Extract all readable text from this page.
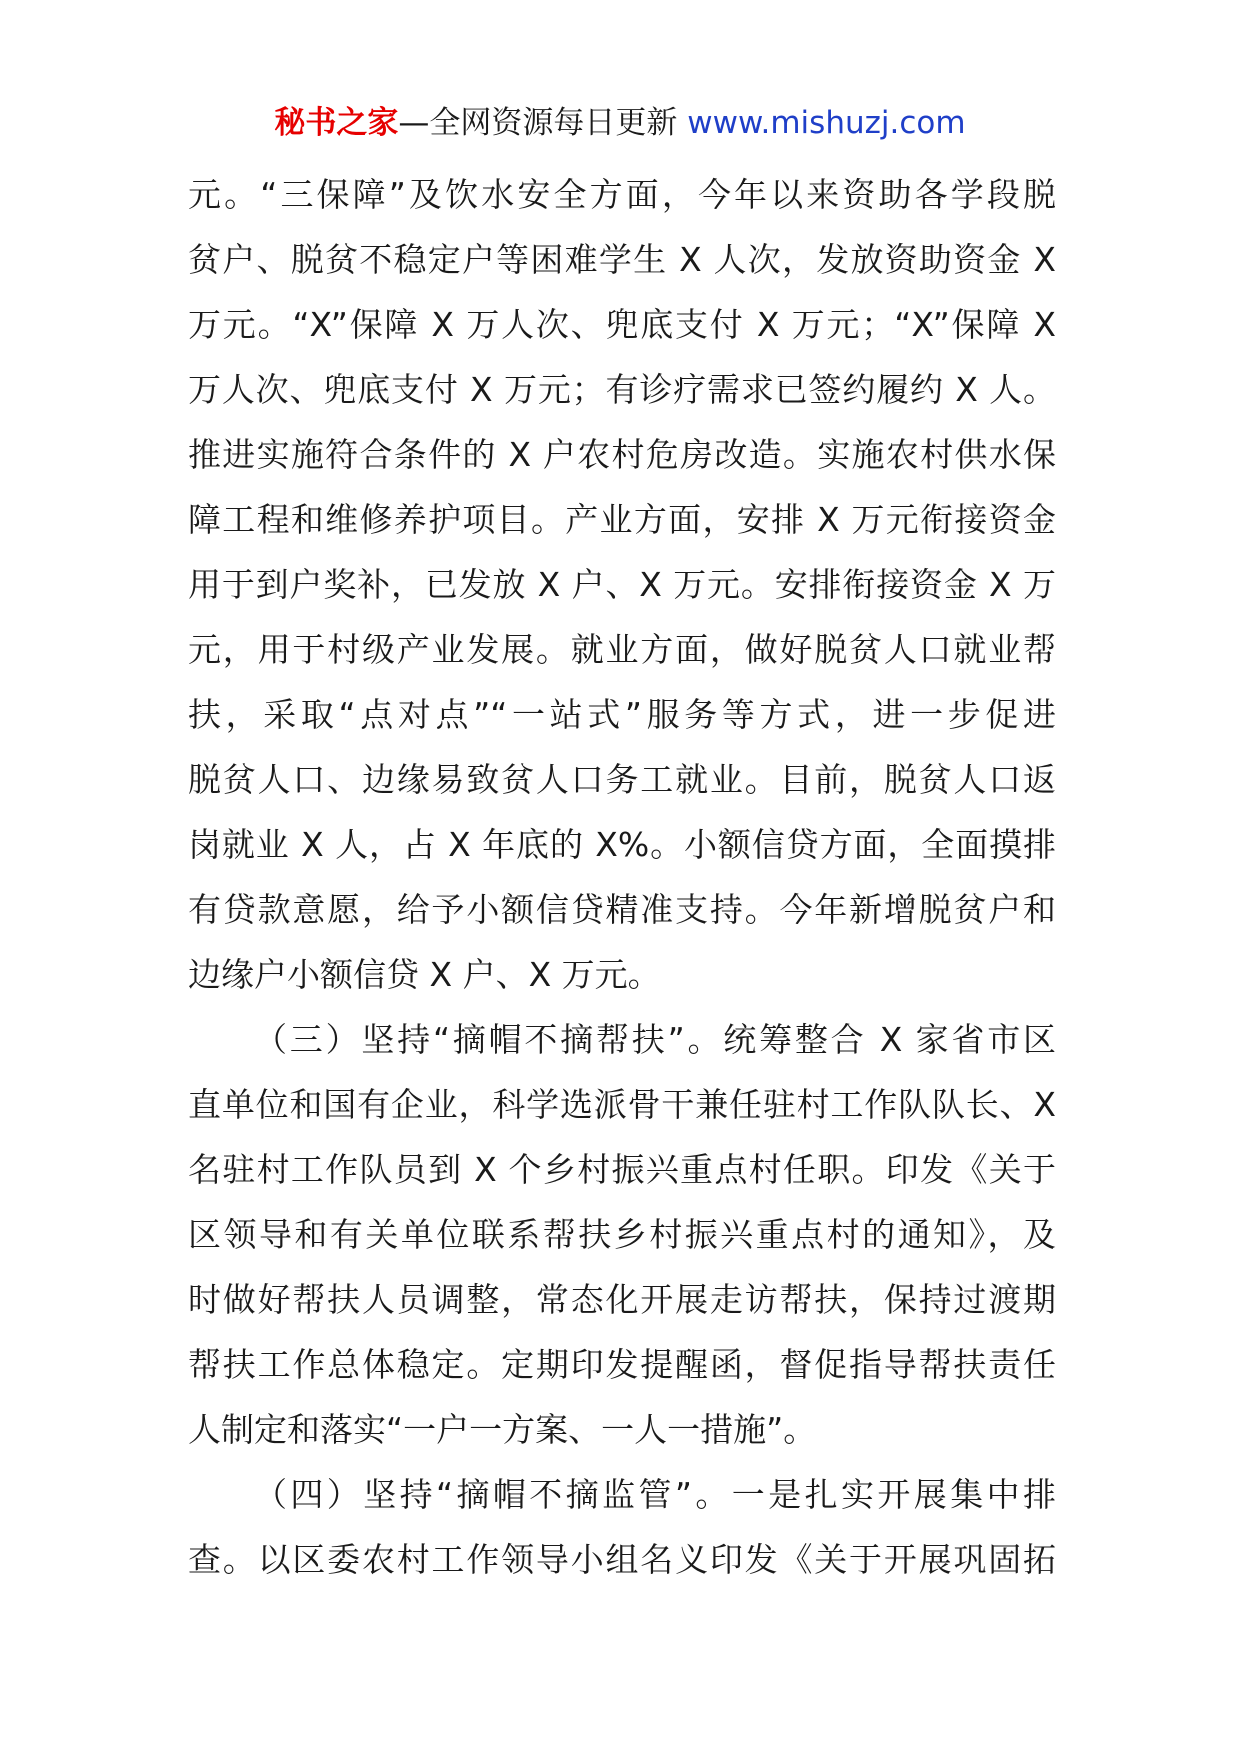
秘书之家—全网资源每日更新 www.mishuzj.com
元。“三保障”及饮水安全方面，今年以来资助各学段脱
贫户、脱贫不稳定户等困难学生 X 人次，发放资助资金 X
万元。“X”保障 X 万人次、兜底支付 X 万元；“X”保障 X
万人次、兜底支付 X 万元；有诊疗需求已签约履约 X 人。
推进实施符合条件的 X 户农村危房改造。实施农村供水保
障工程和维修养护项目。产业方面，安排 X 万元衔接资金
用于到户奖补，已发放 X 户、X 万元。安排衔接资金 X 万
元，用于村级产业发展。就业方面，做好脱贫人口就业帮
扶，采取“点对点”“一站式”服务等方式，进一步促进
脱贫人口、边缘易致贫人口务工就业。目前，脱贫人口返
岗就业 X 人，占 X 年底的 X%。小额信贷方面，全面摸排
有贷款意愿，给予小额信贷精准支持。今年新增脱贫户和
边缘户小额信贷 X 户、X 万元。
（三）坚持“摘帽不摘帮扶”。统筹整合 X 家省市区
直单位和国有企业，科学选派骨干兼任驻村工作队队长、X
名驻村工作队员到 X 个乡村振兴重点村任职。印发《关于
区领导和有关单位联系帮扶乡村振兴重点村的通知》，及
时做好帮扶人员调整，常态化开展走访帮扶，保持过渡期
帮扶工作总体稳定。定期印发提醒函，督促指导帮扶责任
人制定和落实“一户一方案、一人一措施”。
（四）坚持“摘帽不摘监管”。一是扎实开展集中排
查。以区委农村工作领导小组名义印发《关于开展巩固拓
